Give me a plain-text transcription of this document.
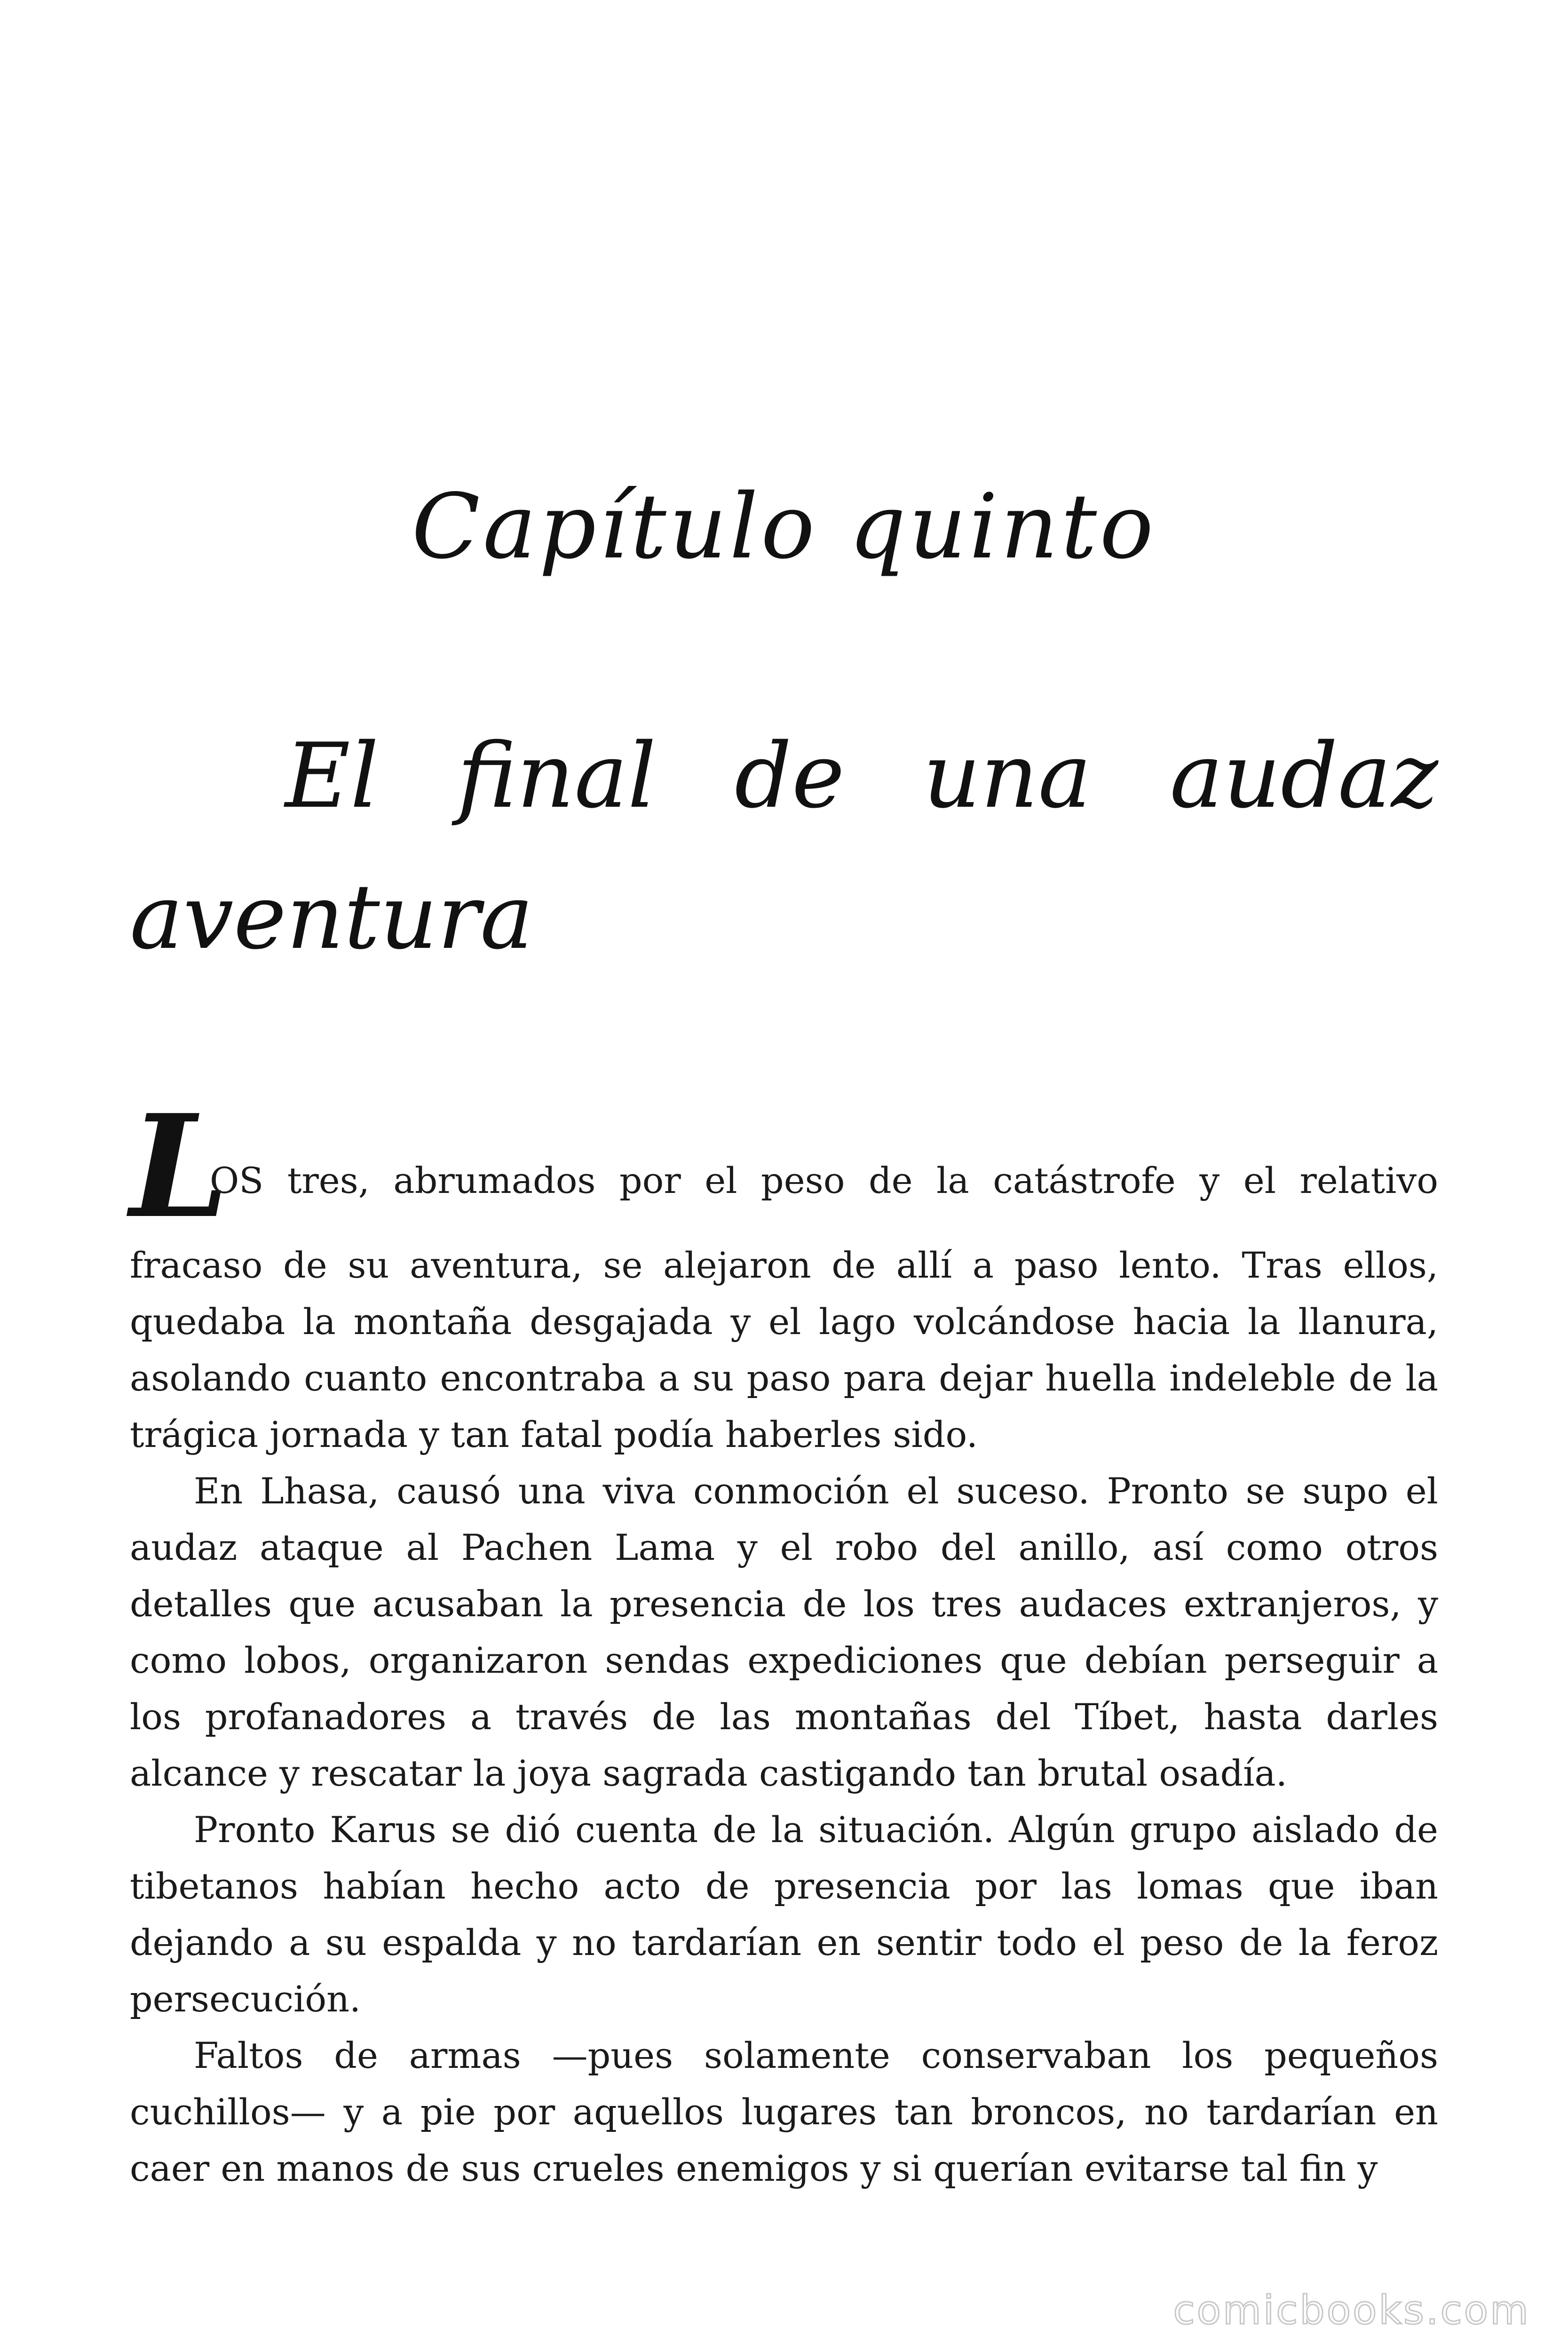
Capítulo quinto
El final de una audaz aventura

L
OS tres, abrumados por el peso de la catástrofe y el relativo
fracaso de su aventura, se alejaron de allí a paso lento. Tras ellos, quedaba la montaña desgajada y el lago volcándose hacia la llanura, asolando cuanto encontraba a su paso para dejar huella indeleble de la trágica jornada y tan fatal podía haberles sido.

En Lhasa, causó una viva conmoción el suceso. Pronto se supo el audaz ataque al Pachen Lama y el robo del anillo, así como otros detalles que acusaban la presencia de los tres audaces extranjeros, y como lobos, organizaron sendas expediciones que debían perseguir a los profanadores a través de las montañas del Tíbet, hasta darles alcance y rescatar la joya sagrada castigando tan brutal osadía.

Pronto Karus se dió cuenta de la situación. Algún grupo aislado de tibetanos habían hecho acto de presencia por las lomas que iban dejando a su espalda y no tardarían en sentir todo el peso de la feroz persecución.

Faltos de armas —pues solamente conservaban los pequeños cuchillos— y a pie por aquellos lugares tan broncos, no tardarían en caer en manos de sus crueles enemigos y si querían evitarse tal fin y

comicbooks.com
